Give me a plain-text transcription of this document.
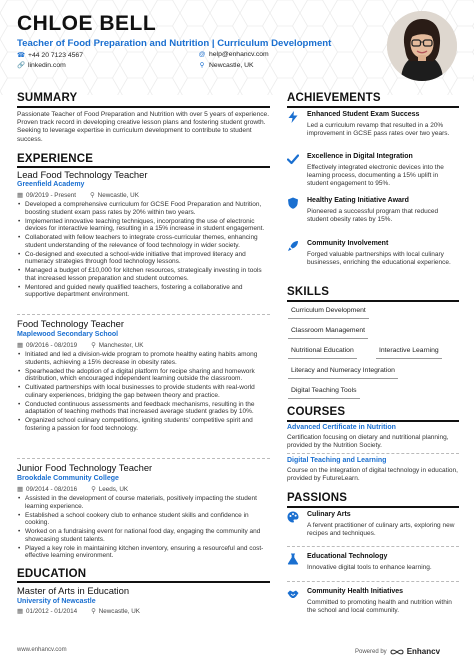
CHLOE BELL
Teacher of Food Preparation and Nutrition | Curriculum Development
☎ +44 20 7123 4567	@ help@enhancv.com
🔗 linkedin.com	⚲ Newcastle, UK
SUMMARY
Passionate Teacher of Food Preparation and Nutrition with over 5 years of experience. Proven track record in developing creative lesson plans and fostering student growth. Seeking to leverage expertise in curriculum development to contribute to student success.
EXPERIENCE
Lead Food Technology Teacher
Greenfield Academy
▦ 09/2019 - Present ⚲ Newcastle, UK
• Developed a comprehensive curriculum for GCSE Food Preparation and Nutrition, boosting student exam pass rates by 20% within two years.
• Implemented innovative teaching techniques, incorporating the use of electronic devices for interactive learning, resulting in a 15% increase in student engagement.
• Collaborated with fellow teachers to integrate cross-curricular themes, enhancing student understanding of the relevance of food technology in wider society.
• Co-designed and executed a school-wide initiative that improved literacy and numeracy strategies through food technology lessons.
• Managed a budget of £10,000 for kitchen resources, strategically investing in tools that increased lesson preparation and student outcomes.
• Mentored and guided newly qualified teachers, fostering a collaborative and supportive department environment.
Food Technology Teacher
Maplewood Secondary School
▦ 09/2016 - 08/2019 ⚲ Manchester, UK
• Initiated and led a division-wide program to promote healthy eating habits among students, achieving a 15% decrease in obesity rates.
• Spearheaded the adoption of a digital platform for recipe sharing and homework distribution, which encouraged independent learning outside the classroom.
• Cultivated partnerships with local businesses to provide students with real-world culinary experiences, bridging the gap between theory and practice.
• Conducted continuous assessments and feedback mechanisms, resulting in the adaptation of teaching methods that increased average student grades by 10%.
• Organized school culinary competitions, igniting students' competitive spirit and fostering a passion for food technology.
Junior Food Technology Teacher
Brookdale Community College
▦ 09/2014 - 08/2016 ⚲ Leeds, UK
• Assisted in the development of course materials, positively impacting the student learning experience.
• Established a school cookery club to enhance student skills and confidence in cooking.
• Worked on a fundraising event for national food day, engaging the community and showcasing student talents.
• Played a key role in maintaining kitchen inventory, ensuring a resourceful and cost-effective learning environment.
EDUCATION
Master of Arts in Education
University of Newcastle
▦ 01/2012 - 01/2014 ⚲ Newcastle, UK
ACHIEVEMENTS
Enhanced Student Exam Success
Led a curriculum revamp that resulted in a 20% improvement in GCSE pass rates over two years.
Excellence in Digital Integration
Effectively integrated electronic devices into the learning process, documenting a 15% uplift in student engagement to 95%.
Healthy Eating Initiative Award
Pioneered a successful program that reduced student obesity rates by 15%.
Community Involvement
Forged valuable partnerships with local culinary businesses, enriching the educational experience.
SKILLS
Curriculum Development
Classroom Management
Nutritional Education	Interactive Learning
Literacy and Numeracy Integration
Digital Teaching Tools
COURSES
Advanced Certificate in Nutrition
Certification focusing on dietary and nutritional planning, provided by the Nutrition Society.
Digital Teaching and Learning
Course on the integration of digital technology in education, provided by FutureLearn.
PASSIONS
Culinary Arts
A fervent practitioner of culinary arts, exploring new recipes and techniques.
Educational Technology
Innovative digital tools to enhance learning.
Community Health Initiatives
Committed to promoting health and nutrition within the school and local community.
www.enhancv.com	Powered by	Enhancv
